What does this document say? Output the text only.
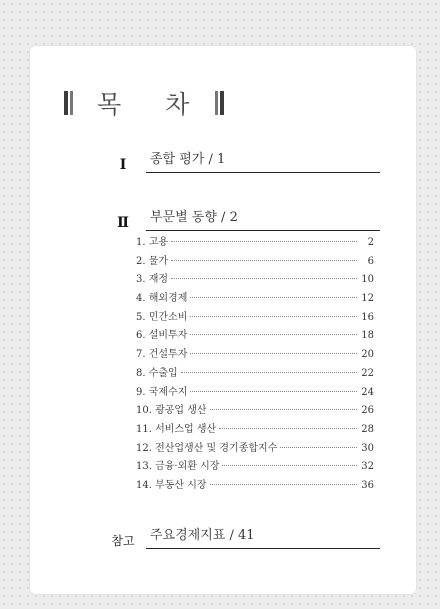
목 차
Ⅰ	종합 평가 / 1
Ⅱ	부문별 동향 / 2
1. 고용	2
2. 물가	6
3. 재정	10
4. 해외경제	12
5. 민간소비	16
6. 설비투자	18
7. 건설투자	20
8. 수출입	22
9. 국제수지	24
10. 광공업 생산	26
11. 서비스업 생산	28
12. 전산업생산 및 경기종합지수	30
13. 금융·외환 시장	32
14. 부동산 시장	36
참고	주요경제지표 / 41
